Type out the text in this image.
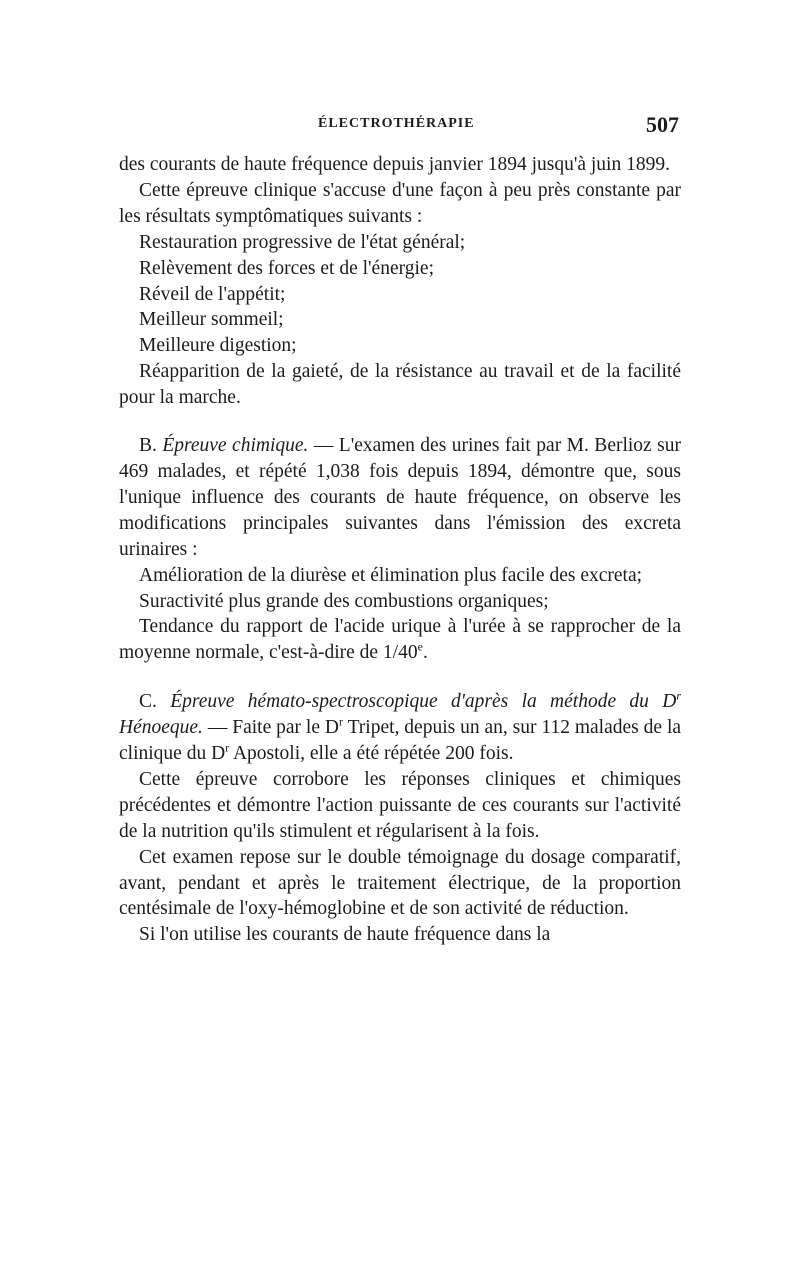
ÉLECTROTHÉRAPIE	507

des courants de haute fréquence depuis janvier 1894 jusqu'à juin 1899.

Cette épreuve clinique s'accuse d'une façon à peu près constante par les résultats symptômatiques suivants :

Restauration progressive de l'état général;

Relèvement des forces et de l'énergie;

Réveil de l'appétit;

Meilleur sommeil;

Meilleure digestion;

Réapparition de la gaieté, de la résistance au travail et de la facilité pour la marche.

B. Épreuve chimique. — L'examen des urines fait par M. Berlioz sur 469 malades, et répété 1,038 fois depuis 1894, démontre que, sous l'unique influence des courants de haute fréquence, on observe les modifications principales suivantes dans l'émission des excreta urinaires :

Amélioration de la diurèse et élimination plus facile des excreta;

Suractivité plus grande des combustions organiques;

Tendance du rapport de l'acide urique à l'urée à se rapprocher de la moyenne normale, c'est-à-dire de 1/40e.

C. Épreuve hémato-spectroscopique d'après la méthode du $D^r$ Hénoeque. — Faite par le $D^r$ Tripet, depuis un an, sur 112 malades de la clinique du $D^r$ Apostoli, elle a été répétée 200 fois.

Cette épreuve corrobore les réponses cliniques et chimiques précédentes et démontre l'action puissante de ces courants sur l'activité de la nutrition qu'ils stimulent et régularisent à la fois.

Cet examen repose sur le double témoignage du dosage comparatif, avant, pendant et après le traitement électrique, de la proportion centésimale de l'oxy-hémoglobine et de son activité de réduction.

Si l'on utilise les courants de haute fréquence dans la
